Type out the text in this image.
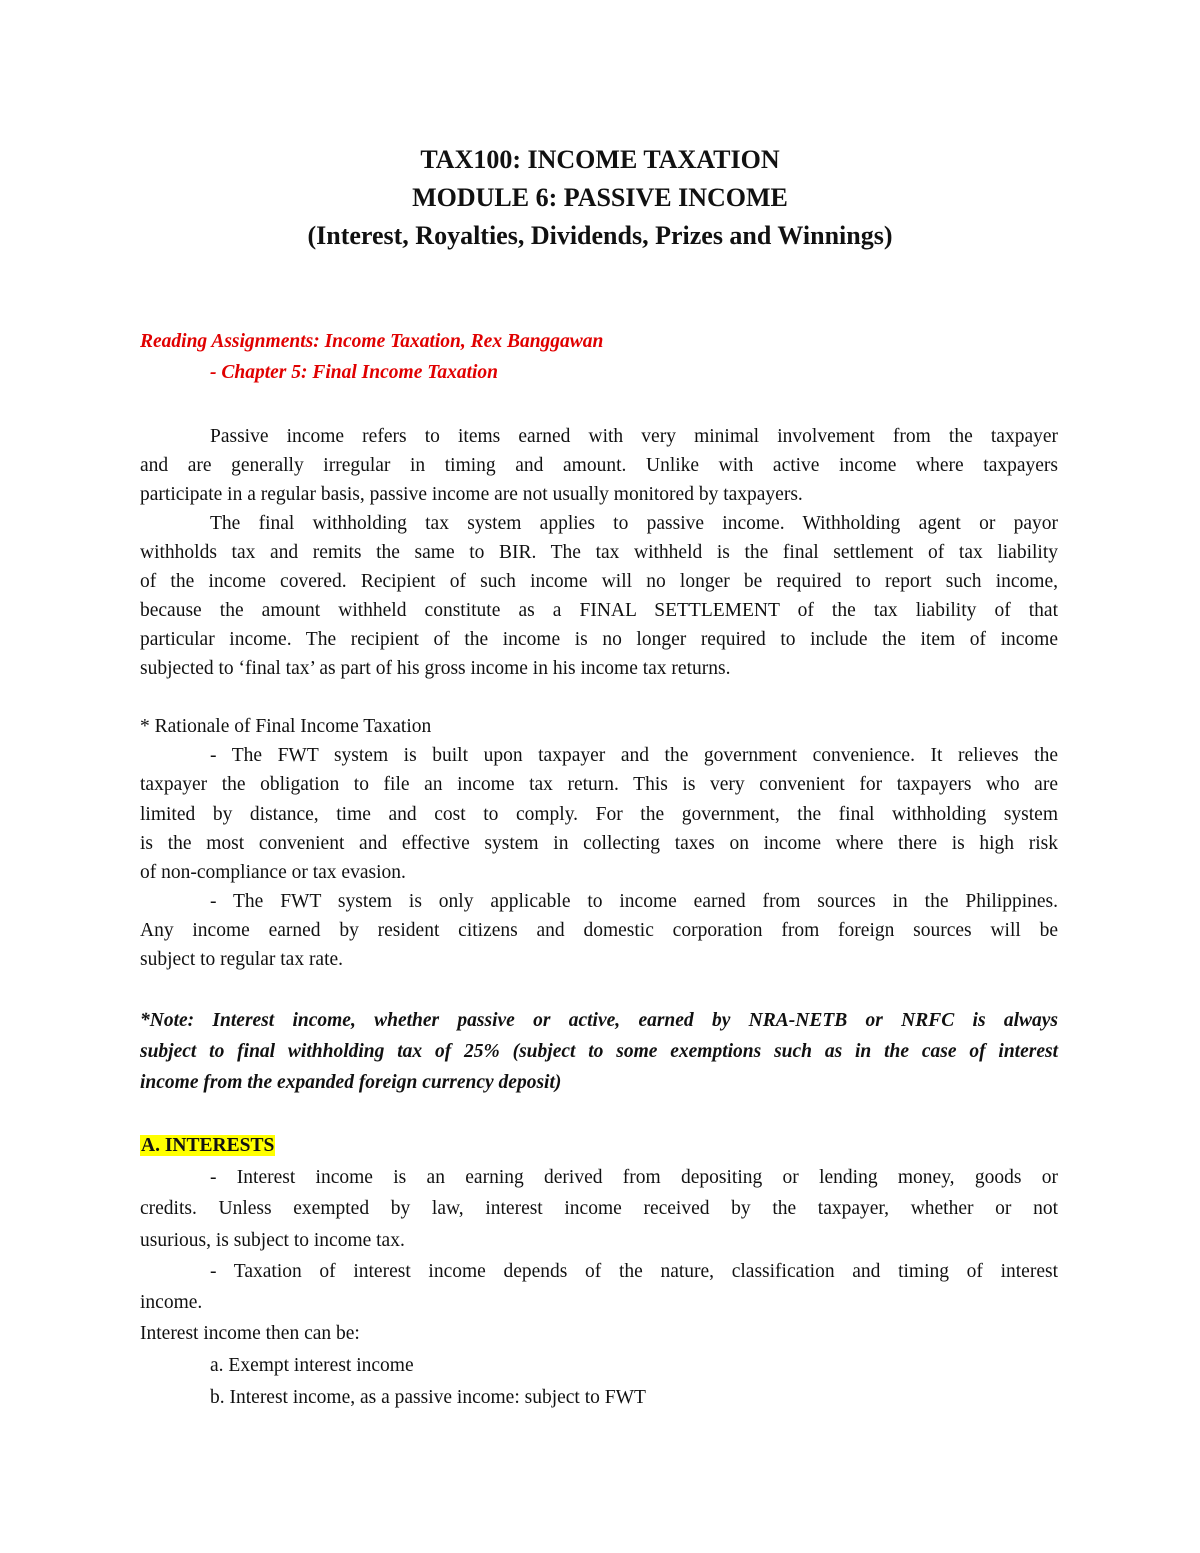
TAX100: INCOME TAXATION
MODULE 6: PASSIVE INCOME
(Interest, Royalties, Dividends, Prizes and Winnings)
Reading Assignments: Income Taxation, Rex Banggawan
- Chapter 5: Final Income Taxation
Passive income refers to items earned with very minimal involvement from the taxpayer
and are generally irregular in timing and amount. Unlike with active income where taxpayers
participate in a regular basis, passive income are not usually monitored by taxpayers.
The final withholding tax system applies to passive income. Withholding agent or payor
withholds tax and remits the same to BIR. The tax withheld is the final settlement of tax liability
of the income covered. Recipient of such income will no longer be required to report such income,
because the amount withheld constitute as a FINAL SETTLEMENT of the tax liability of that
particular income. The recipient of the income is no longer required to include the item of income
subjected to ‘final tax’ as part of his gross income in his income tax returns.
* Rationale of Final Income Taxation
- The FWT system is built upon taxpayer and the government convenience. It relieves the
taxpayer the obligation to file an income tax return. This is very convenient for taxpayers who are
limited by distance, time and cost to comply. For the government, the final withholding system
is the most convenient and effective system in collecting taxes on income where there is high risk
of non-compliance or tax evasion.
- The FWT system is only applicable to income earned from sources in the Philippines.
Any income earned by resident citizens and domestic corporation from foreign sources will be
subject to regular tax rate.
*Note: Interest income, whether passive or active, earned by NRA-NETB or NRFC is always
subject to final withholding tax of 25% (subject to some exemptions such as in the case of interest
income from the expanded foreign currency deposit)
A. INTERESTS
- Interest income is an earning derived from depositing or lending money, goods or
credits. Unless exempted by law, interest income received by the taxpayer, whether or not
usurious, is subject to income tax.
- Taxation of interest income depends of the nature, classification and timing of interest
income.
Interest income then can be:
a. Exempt interest income
b. Interest income, as a passive income: subject to FWT
